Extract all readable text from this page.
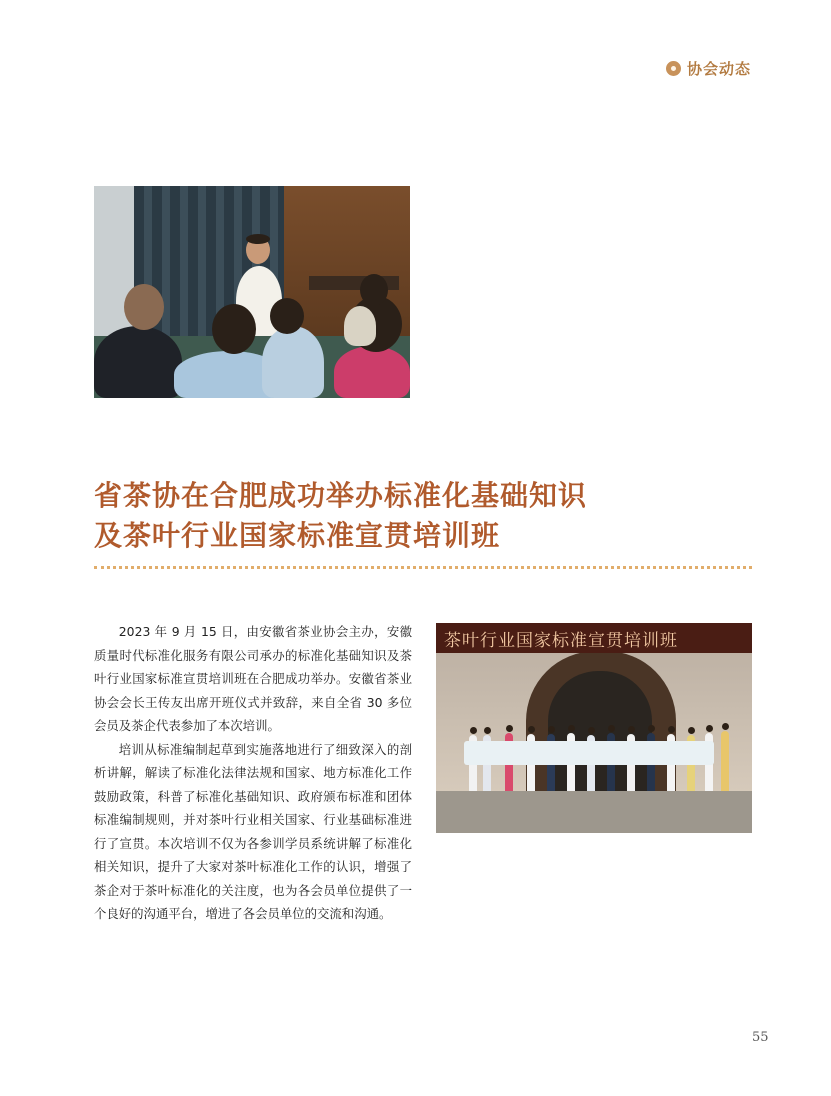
协会动态
省茶协在合肥成功举办标准化基础知识
及茶叶行业国家标准宣贯培训班

2023 年 9 月 15 日，由安徽省茶业协会主办，安徽质量时代标准化服务有限公司承办的标准化基础知识及茶叶行业国家标准宣贯培训班在合肥成功举办。安徽省茶业协会会长王传友出席开班仪式并致辞，来自全省 30 多位会员及茶企代表参加了本次培训。

培训从标准编制起草到实施落地进行了细致深入的剖析讲解，解读了标准化法律法规和国家、地方标准化工作鼓励政策，科普了标准化基础知识、政府颁布标准和团体标准编制规则，并对茶叶行业相关国家、行业基础标准进行了宣贯。本次培训不仅为各参训学员系统讲解了标准化相关知识，提升了大家对茶叶标准化工作的认识，增强了茶企对于茶叶标准化的关注度，也为各会员单位提供了一个良好的沟通平台，增进了各会员单位的交流和沟通。

茶叶行业国家标准宣贯培训班
55
